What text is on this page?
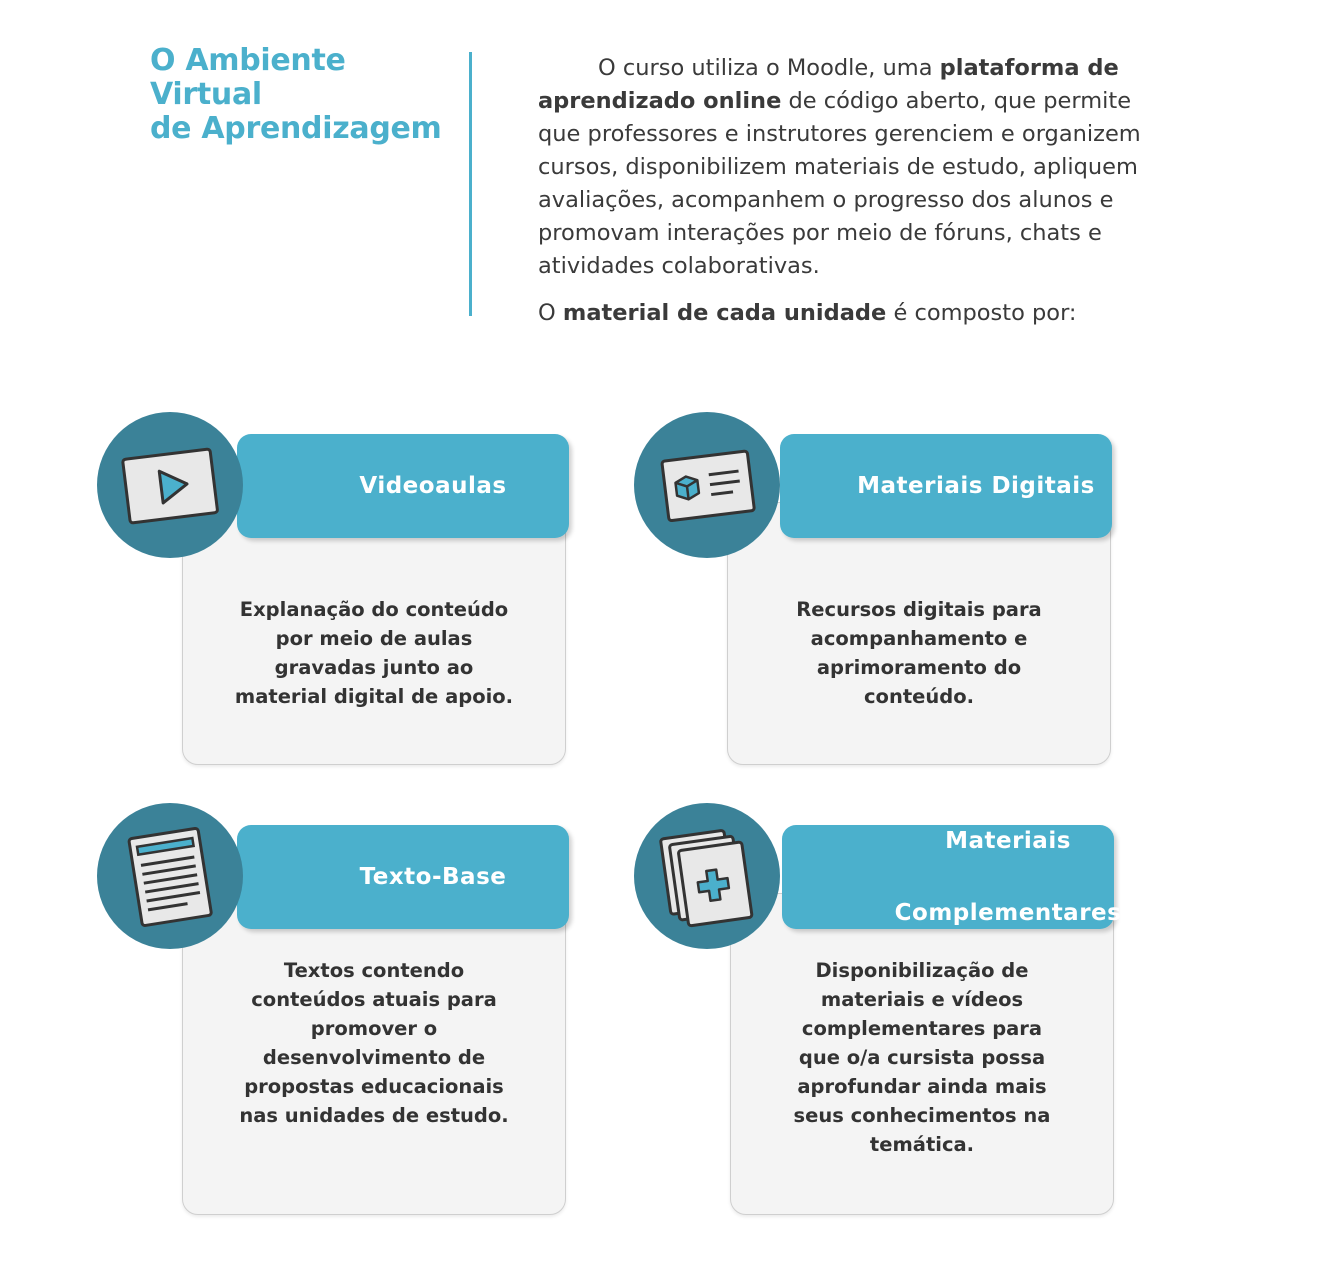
O Ambiente Virtual
de Aprendizagem

O curso utiliza o Moodle, uma plataforma de aprendizado online de código aberto, que permite que professores e instrutores gerenciem e organizem cursos, disponibilizem materiais de estudo, apliquem avaliações, acompanhem o progresso dos alunos e promovam interações por meio de fóruns, chats e atividades colaborativas.

O material de cada unidade é composto por:

Explanação do conteúdo
por meio de aulas
gravadas junto ao
material digital de apoio.
Videoaulas
Recursos digitais para
acompanhamento e
aprimoramento do
conteúdo.
Materiais Digitais
Textos contendo
conteúdos atuais para
promover o
desenvolvimento de
propostas educacionais
nas unidades de estudo.
Texto-Base
Disponibilização de
materiais e vídeos
complementares para
que o/a cursista possa
aprofundar ainda mais
seus conhecimentos na
temática.
Materiais

Complementares
